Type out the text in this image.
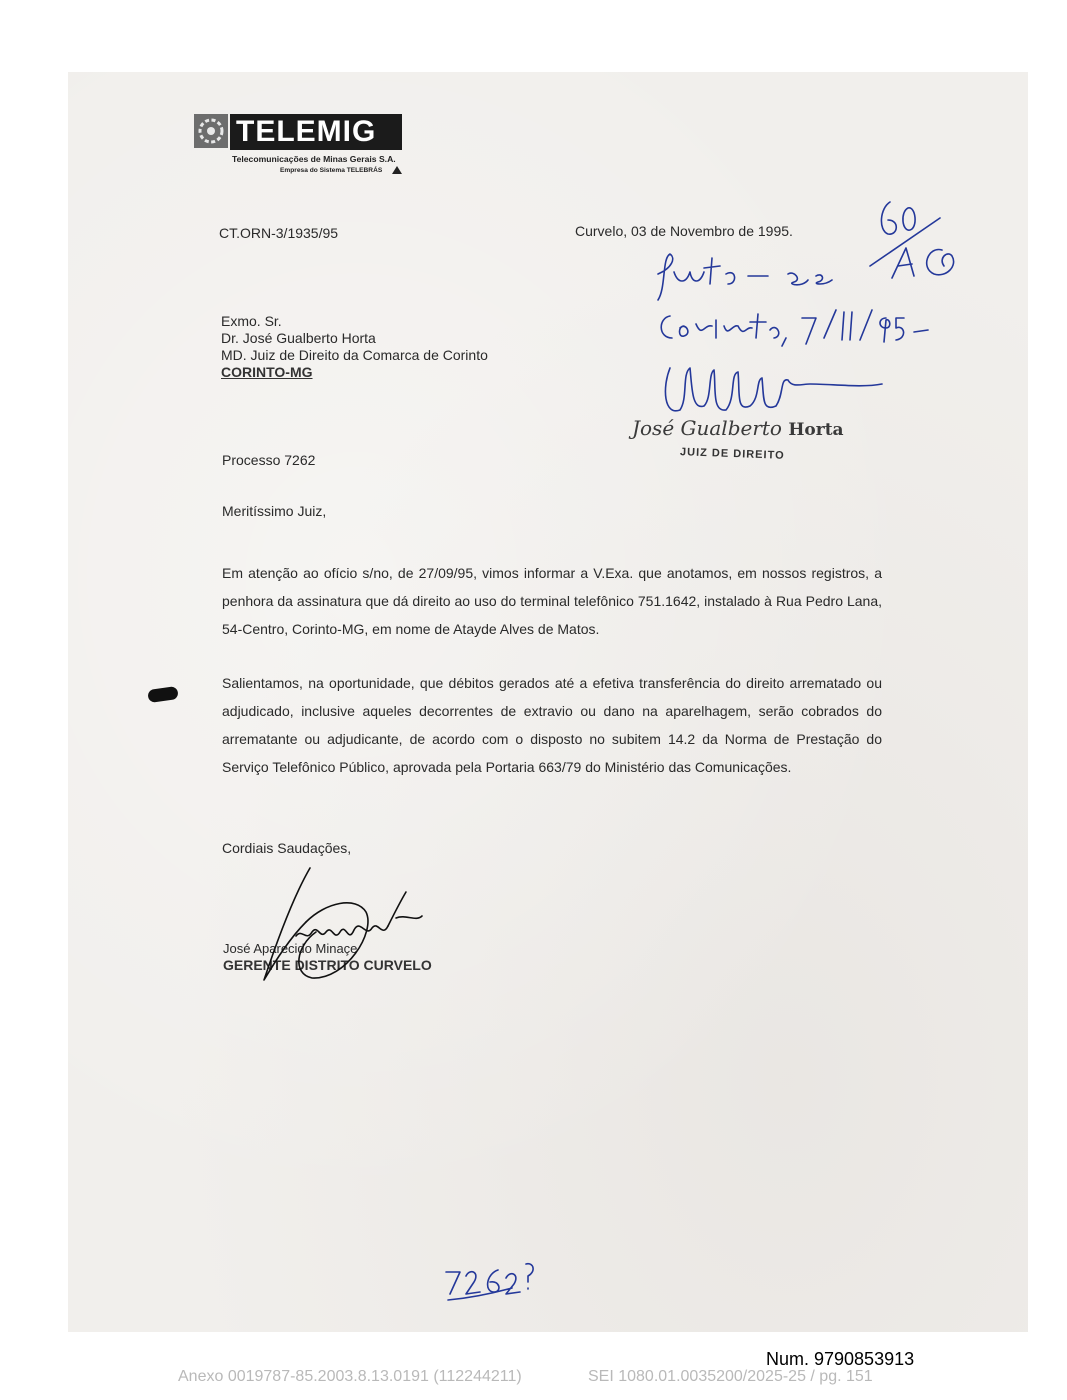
TELEMIG
Telecomunicações de Minas Gerais S.A.
Empresa do Sistema TELEBRÁS
CT.ORN-3/1935/95	Curvelo, 03 de Novembro de 1995.
Exmo. Sr.
Dr. José Gualberto Horta
MD. Juiz de Direito da Comarca de Corinto
CORINTO-MG
Processo 7262
Meritíssimo Juiz,
Em atenção ao ofício s/no, de 27/09/95, vimos informar a V.Exa. que anotamos, em nossos registros, a penhora da assinatura que dá direito ao uso do terminal telefônico 751.1642, instalado à Rua Pedro Lana, 54-Centro, Corinto-MG, em nome de Atayde Alves de Matos.
Salientamos, na oportunidade, que débitos gerados até a efetiva transferência do direito arrematado ou adjudicado, inclusive aqueles decorrentes de extravio ou dano na aparelhagem, serão cobrados do arrematante ou adjudicante, de acordo com o disposto no subitem 14.2 da Norma de Prestação do Serviço Telefônico Público, aprovada pela Portaria 663/79 do Ministério das Comunicações.
Cordiais Saudações,
José Aparecido Minaçe
GERENTE DISTRITO CURVELO
José Gualberto Horta
JUIZ DE DIREITO
Num. 9790853913
Anexo 0019787-85.2003.8.13.0191 (112244211)	SEI 1080.01.0035200/2025-25 / pg. 151
